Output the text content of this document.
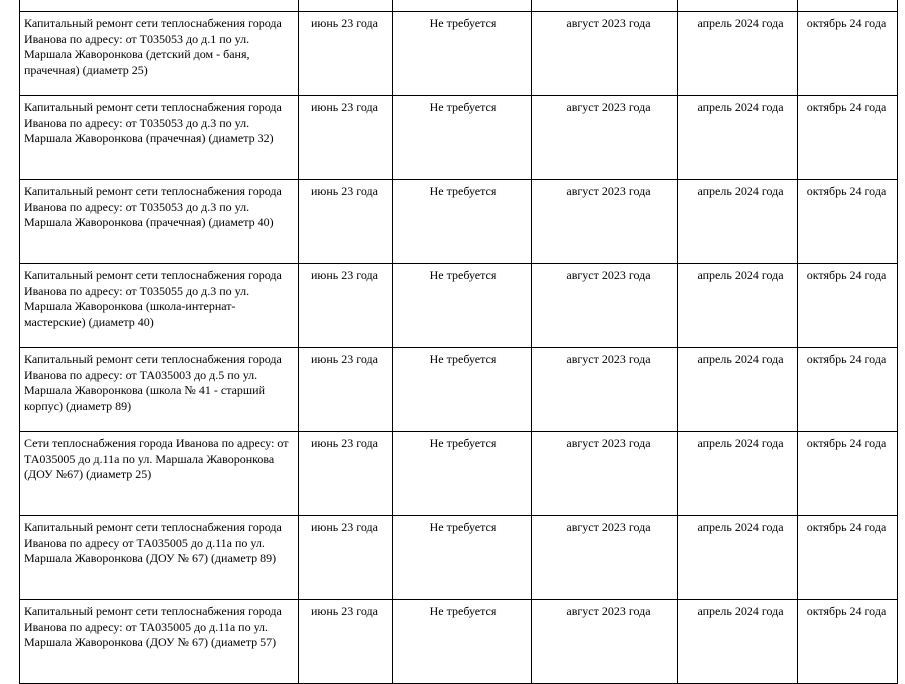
Капитальный ремонт сети теплоснабжения города Иванова по адресу: от Т035053 до д.1 по ул. Маршала Жаворонкова (детский дом - баня, прачечная) (диаметр 25)	июнь 23 года	Не требуется	август 2023 года	апрель 2024 года	октябрь 24 года
Капитальный ремонт сети теплоснабжения города Иванова по адресу: от Т035053 до д.3 по ул. Маршала Жаворонкова (прачечная) (диаметр 32)	июнь 23 года	Не требуется	август 2023 года	апрель 2024 года	октябрь 24 года
Капитальный ремонт сети теплоснабжения города Иванова по адресу: от Т035053 до д.3 по ул. Маршала Жаворонкова (прачечная) (диаметр 40)	июнь 23 года	Не требуется	август 2023 года	апрель 2024 года	октябрь 24 года
Капитальный ремонт сети теплоснабжения города Иванова по адресу: от Т035055 до д.3 по ул. Маршала Жаворонкова (школа-интернат-мастерские) (диаметр 40)	июнь 23 года	Не требуется	август 2023 года	апрель 2024 года	октябрь 24 года
Капитальный ремонт сети теплоснабжения города Иванова по адресу: от ТА035003 до д.5 по ул. Маршала Жаворонкова (школа № 41 - старший корпус) (диаметр 89)	июнь 23 года	Не требуется	август 2023 года	апрель 2024 года	октябрь 24 года
Сети теплоснабжения города Иванова по адресу: от ТА035005 до д.11а по ул. Маршала Жаворонкова (ДОУ №67) (диаметр 25)	июнь 23 года	Не требуется	август 2023 года	апрель 2024 года	октябрь 24 года
Капитальный ремонт сети теплоснабжения города Иванова по адресу от ТА035005 до д.11а по ул. Маршала Жаворонкова (ДОУ № 67) (диаметр 89)	июнь 23 года	Не требуется	август 2023 года	апрель 2024 года	октябрь 24 года
Капитальный ремонт сети теплоснабжения города Иванова по адресу: от ТА035005 до д.11а по ул. Маршала Жаворонкова (ДОУ № 67) (диаметр 57)	июнь 23 года	Не требуется	август 2023 года	апрель 2024 года	октябрь 24 года
